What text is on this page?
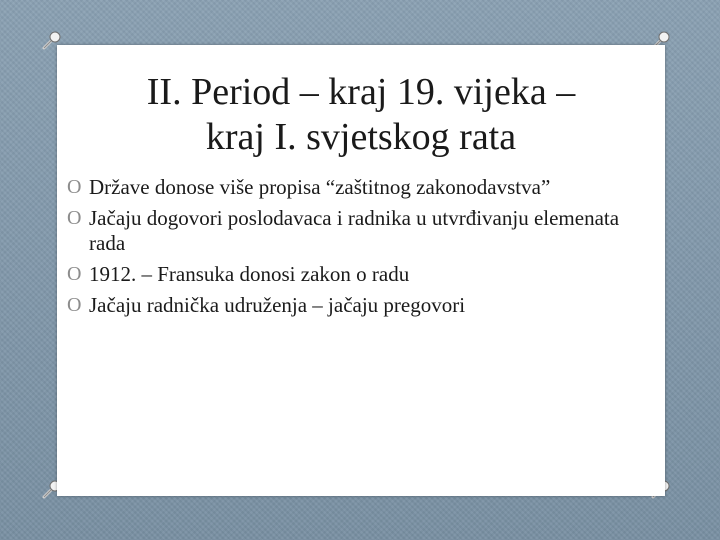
II. Period – kraj 19. vijeka –
kraj I. svjetskog rata
O Države donose više propisa “zaštitnog zakonodavstva”
O Jačaju dogovori poslodavaca i radnika u utvrđivanju elemenata rada
O 1912. – Fransuka donosi zakon o radu
O Jačaju radnička udruženja – jačaju pregovori
